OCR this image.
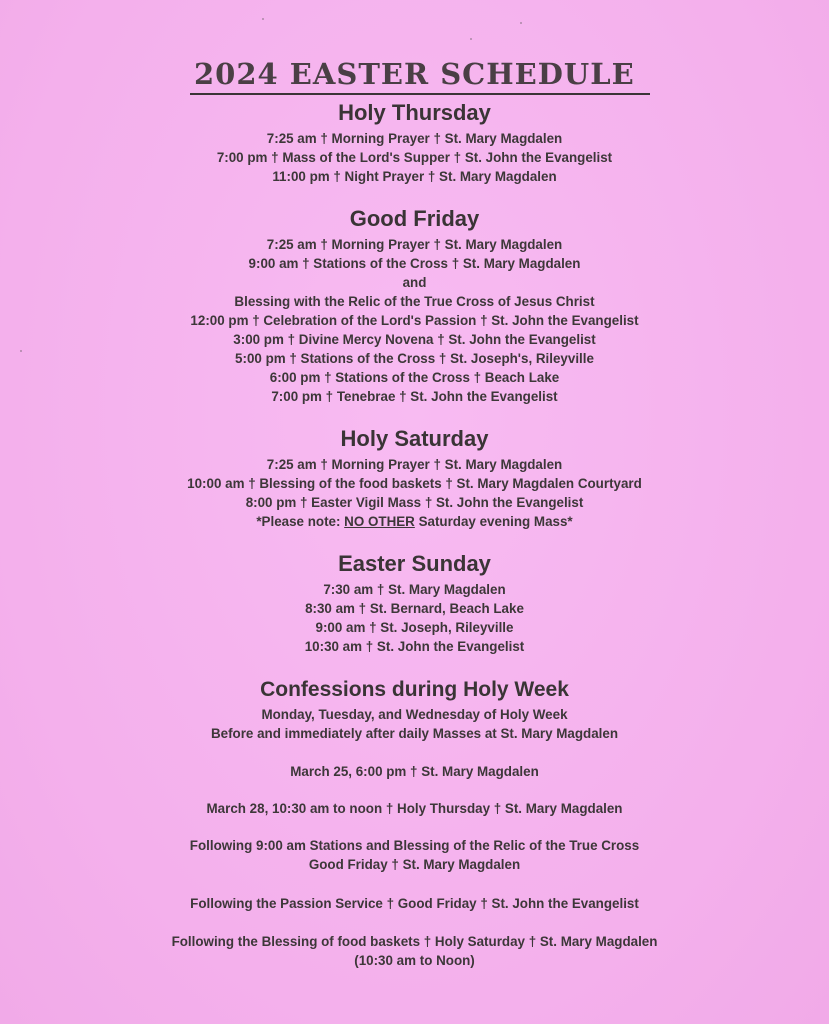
2024 EASTER SCHEDULE
Holy Thursday
7:25 am † Morning Prayer † St. Mary Magdalen
7:00 pm † Mass of the Lord's Supper † St. John the Evangelist
11:00 pm † Night Prayer † St. Mary Magdalen
Good Friday
7:25 am † Morning Prayer † St. Mary Magdalen
9:00 am † Stations of the Cross † St. Mary Magdalen
and
Blessing with the Relic of the True Cross of Jesus Christ
12:00 pm † Celebration of the Lord's Passion † St. John the Evangelist
3:00 pm † Divine Mercy Novena † St. John the Evangelist
5:00 pm † Stations of the Cross † St. Joseph's, Rileyville
6:00 pm † Stations of the Cross † Beach Lake
7:00 pm † Tenebrae † St. John the Evangelist
Holy Saturday
7:25 am † Morning Prayer † St. Mary Magdalen
10:00 am † Blessing of the food baskets † St. Mary Magdalen Courtyard
8:00 pm † Easter Vigil Mass † St. John the Evangelist
*Please note: NO OTHER Saturday evening Mass*
Easter Sunday
7:30 am † St. Mary Magdalen
8:30 am † St. Bernard, Beach Lake
9:00 am † St. Joseph, Rileyville
10:30 am † St. John the Evangelist
Confessions during Holy Week
Monday, Tuesday, and Wednesday of Holy Week
Before and immediately after daily Masses at St. Mary Magdalen
March 25, 6:00 pm † St. Mary Magdalen
March 28, 10:30 am to noon † Holy Thursday † St. Mary Magdalen
Following 9:00 am Stations and Blessing of the Relic of the True Cross
Good Friday † St. Mary Magdalen
Following the Passion Service † Good Friday † St. John the Evangelist
Following the Blessing of food baskets † Holy Saturday † St. Mary Magdalen
(10:30 am to Noon)
